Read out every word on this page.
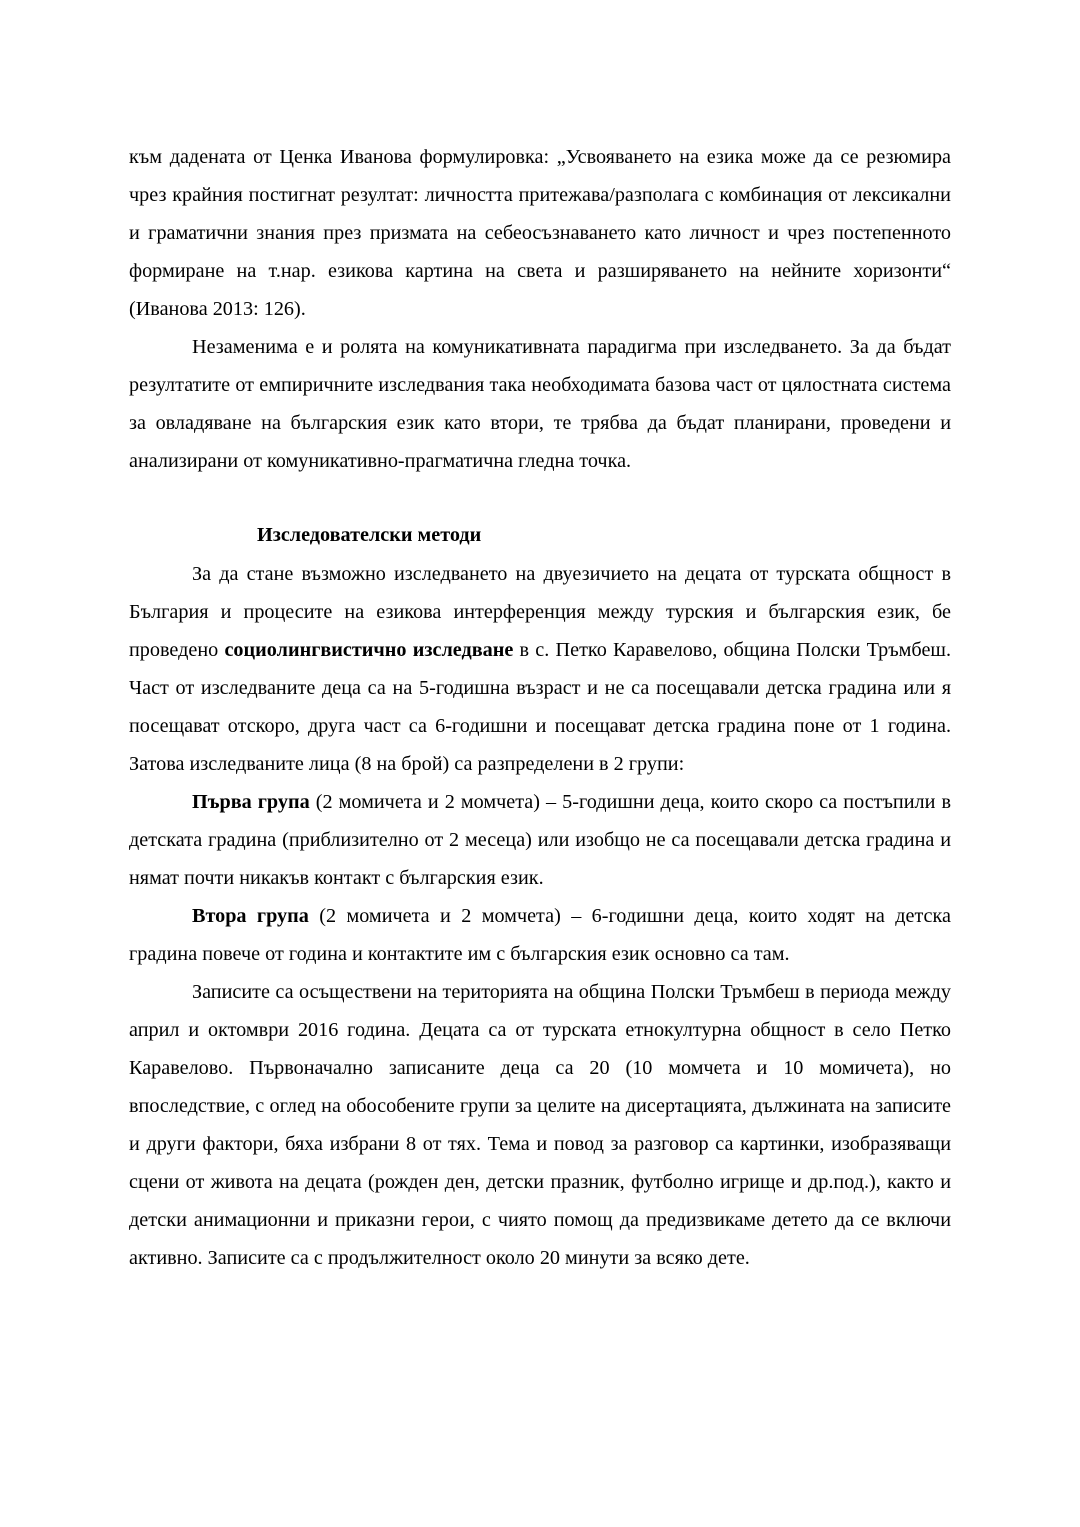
към дадената от Ценка Иванова формулировка: „Усвояването на езика може да се резюмира чрез крайния постигнат резултат: личността притежава/разполага с комбинация от лексикални и граматични знания през призмата на себеосъзнаването като личност и чрез постепенното формиране на т.нар. езикова картина на света и разширяването на нейните хоризонти“ (Иванова 2013: 126).

Незаменима е и ролята на комуникативната парадигма при изследването. За да бъдат резултатите от емпиричните изследвания така необходимата базова част от цялостната система за овладяване на българския език като втори, те трябва да бъдат планирани, проведени и анализирани от комуникативно-прагматична гледна точка.

Изследователски методи

За да стане възможно изследването на двуезичието на децата от турската общност в България и процесите на езикова интерференция между турския и българския език, бе проведено социолингвистично изследване в с. Петко Каравелово, община Полски Тръмбеш. Част от изследваните деца са на 5-годишна възраст и не са посещавали детска градина или я посещават отскоро, друга част са 6-годишни и посещават детска градина поне от 1 година. Затова изследваните лица (8 на брой) са разпределени в 2 групи:

Първа група (2 момичета и 2 момчета) – 5-годишни деца, които скоро са постъпили в детската градина (приблизително от 2 месеца) или изобщо не са посещавали детска градина и нямат почти никакъв контакт с българския език.

Втора група (2 момичета и 2 момчета) – 6-годишни деца, които ходят на детска градина повече от година и контактите им с българския език основно са там.

Записите са осъществени на територията на община Полски Тръмбеш в периода между април и октомври 2016 година. Децата са от турската етнокултурна общност в село Петко Каравелово. Първоначално записаните деца са 20 (10 момчета и 10 момичета), но впоследствие, с оглед на обособените групи за целите на дисертацията, дължината на записите и други фактори, бяха избрани 8 от тях. Тема и повод за разговор са картинки, изобразяващи сцени от живота на децата (рожден ден, детски празник, футболно игрище и др.под.), както и детски анимационни и приказни герои, с чиято помощ да предизвикаме детето да се включи активно. Записите са с продължителност около 20 минути за всяко дете.
